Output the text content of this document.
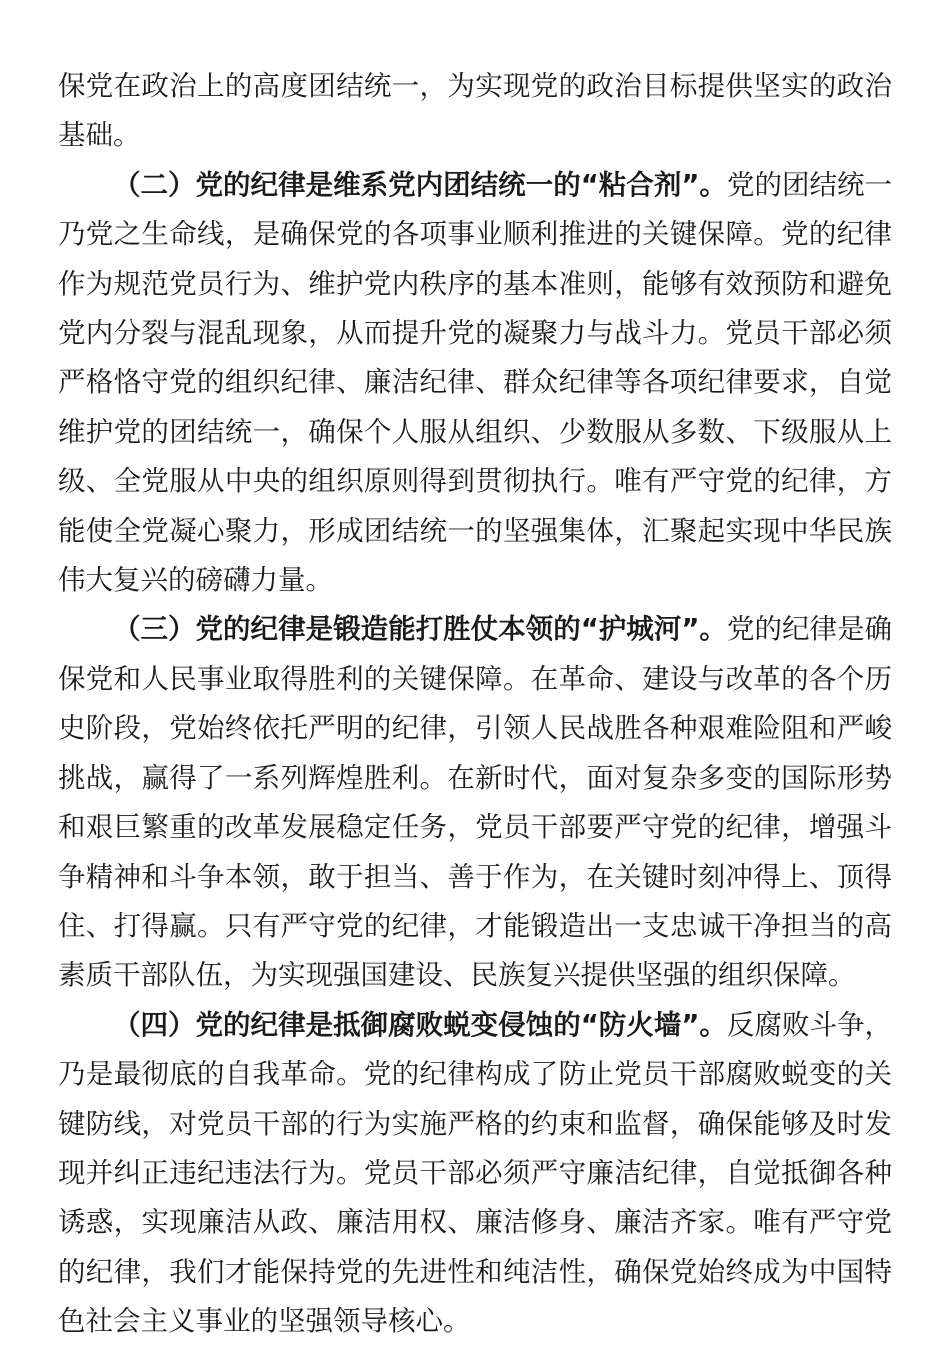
保党在政治上的高度团结统一，为实现党的政治目标提供坚实的政治基础。

（二）党的纪律是维系党内团结统一的“粘合剂”。党的团结统一乃党之生命线，是确保党的各项事业顺利推进的关键保障。党的纪律作为规范党员行为、维护党内秩序的基本准则，能够有效预防和避免党内分裂与混乱现象，从而提升党的凝聚力与战斗力。党员干部必须严格恪守党的组织纪律、廉洁纪律、群众纪律等各项纪律要求，自觉维护党的团结统一，确保个人服从组织、少数服从多数、下级服从上级、全党服从中央的组织原则得到贯彻执行。唯有严守党的纪律，方能使全党凝心聚力，形成团结统一的坚强集体，汇聚起实现中华民族伟大复兴的磅礴力量。

（三）党的纪律是锻造能打胜仗本领的“护城河”。党的纪律是确保党和人民事业取得胜利的关键保障。在革命、建设与改革的各个历史阶段，党始终依托严明的纪律，引领人民战胜各种艰难险阻和严峻挑战，赢得了一系列辉煌胜利。在新时代，面对复杂多变的国际形势和艰巨繁重的改革发展稳定任务，党员干部要严守党的纪律，增强斗争精神和斗争本领，敢于担当、善于作为，在关键时刻冲得上、顶得住、打得赢。只有严守党的纪律，才能锻造出一支忠诚干净担当的高素质干部队伍，为实现强国建设、民族复兴提供坚强的组织保障。

（四）党的纪律是抵御腐败蜕变侵蚀的“防火墙”。反腐败斗争，乃是最彻底的自我革命。党的纪律构成了防止党员干部腐败蜕变的关键防线，对党员干部的行为实施严格的约束和监督，确保能够及时发现并纠正违纪违法行为。党员干部必须严守廉洁纪律，自觉抵御各种诱惑，实现廉洁从政、廉洁用权、廉洁修身、廉洁齐家。唯有严守党的纪律，我们才能保持党的先进性和纯洁性，确保党始终成为中国特色社会主义事业的坚强领导核心。
